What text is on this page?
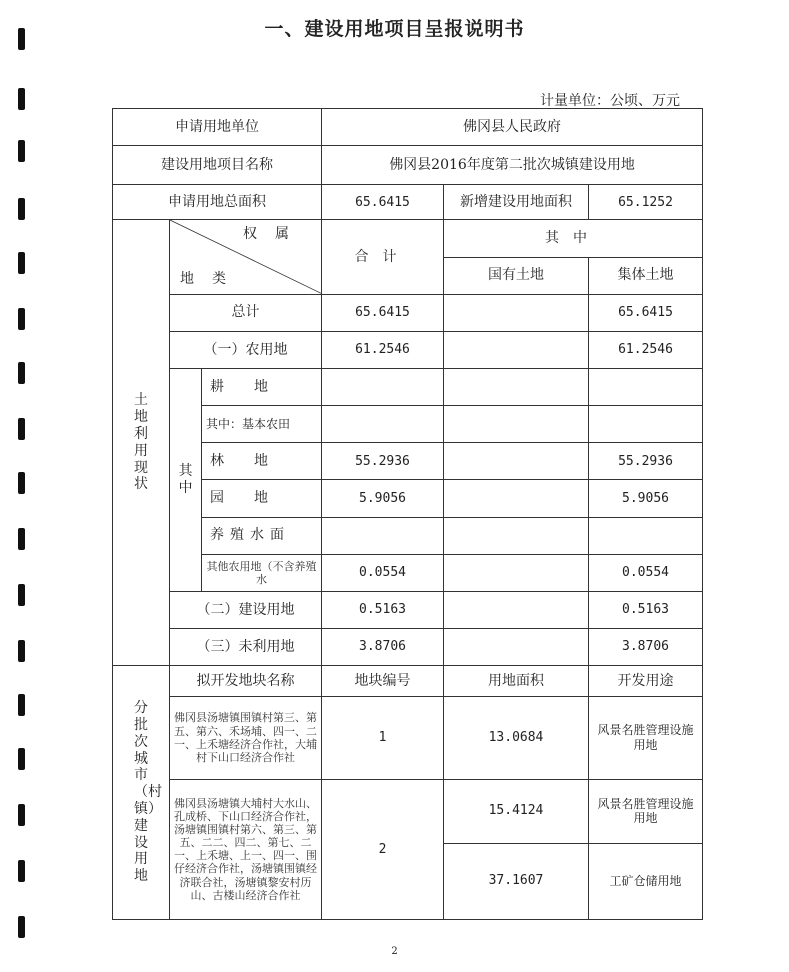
一、建设用地项目呈报说明书
计量单位：公顷、万元
申请用地单位			佛冈县人民政府		
建设用地项目名称			佛冈县2016年度第二批次城镇建设用地		
申请用地总面积			65.6415	新增建设用地面积	65.1252
土地利用现状	权属
地类		合计	其中	
				国有土地	集体土地
	总计		65.6415		65.6415
	（一）农用地		61.2546		61.2546
	其中	耕地			
		其中：基本农田			
		林地	55.2936		55.2936
		园地	5.9056		5.9056
		养殖水面			
		其他农用地（不含养殖水	0.0554		0.0554
	（二）建设用地		0.5163		0.5163
	（三）未利用地		3.8706		3.8706
分批次城市（村镇）建设用地	拟开发地块名称		地块编号	用地面积	开发用途
	佛冈县汤塘镇围镇村第三、第五、第六、禾场埔、四一、二一、上禾塘经济合作社，大埔村下山口经济合作社		1	13.0684	风景名胜管理设施用地
	佛冈县汤塘镇大埔村大水山、孔成桥、下山口经济合作社，汤塘镇围镇村第六、第三、第五、二二、四二、第七、二一、上禾塘、上一、四一、围仔经济合作社，汤塘镇围镇经济联合社，汤塘镇黎安村历山、古楼山经济合作社		2	15.4124	风景名胜管理设施用地
				37.1607	工矿仓储用地
2
